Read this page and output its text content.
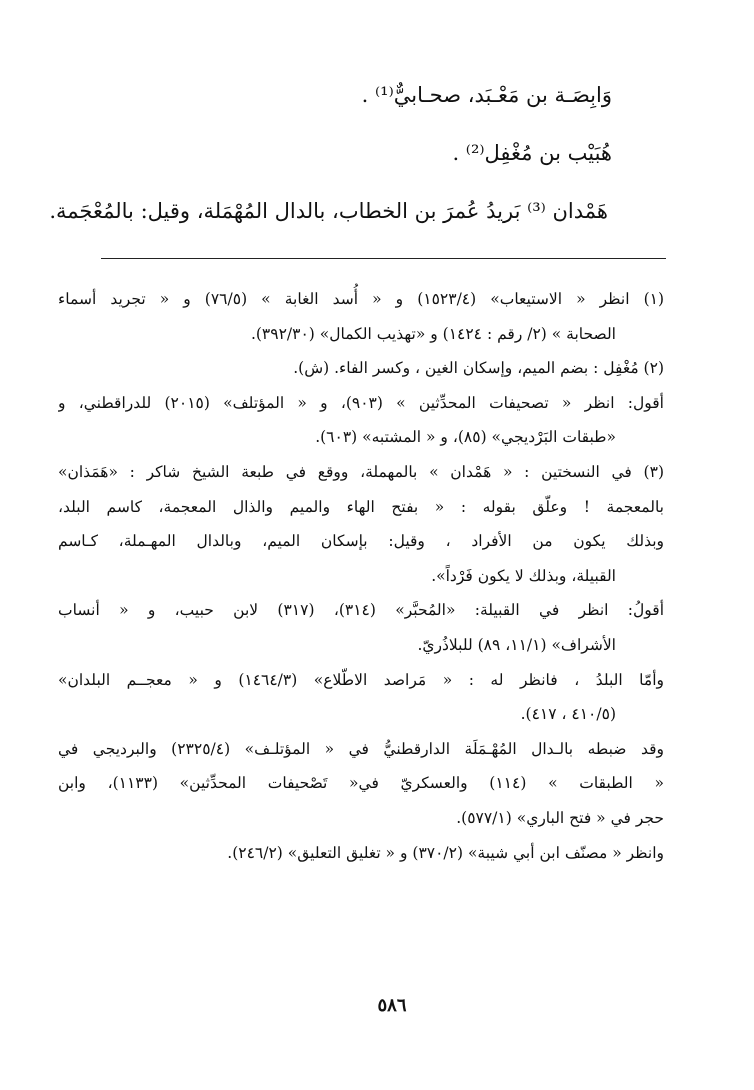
وَابِصَـة بن مَعْـبَد، صحـابيٌّ⁽¹⁾ .
هُبَيْب بن مُغْفِل⁽²⁾ .
هَمْدان ⁽³⁾ بَريدُ عُمرَ بن الخطاب، بالدال المُهْمَلة، وقيل: بالمُعْجَمة.
(١) انظر « الاستيعاب» (١٥٢٣/٤) و « أُسد الغابة » (٧٦/٥) و « تجريد أسماء
الصحابة » (٢/ رقم : ١٤٢٤) و «تهذيب الكمال» (٣٩٢/٣٠).
(٢) مُغْفِل : بضم الميم، وإسكان الغين ، وكسر الفاء. (ش).
أقول: انظر « تصحيفات المحدِّثين » (٩٠٣)، و « المؤتلف» (٢٠١٥) للدراقطني، و
«طبقات البَرْديجي» (٨٥)، و « المشتبه» (٦٠٣).
(٣) في النسختين : « هَمْدان » بالمهملة، ووقع في طبعة الشيخ شاكر : «هَمَذان»
بالمعجمة ! وعلّق بقوله : « بفتح الهاء والميم والذال المعجمة، كاسم البلد،
وبذلك يكون من الأفراد ، وقيل: بإسكان الميم، وبالدال المهـملة، كـاسم
القبيلة، وبذلك لا يكون فَرْداً».
أقولُ: انظر في القبيلة: «المُحبَّر» (٣١٤)، (٣١٧) لابن حبيب، و « أنساب
الأشراف» (١١/١، ٨٩) للبلاذُريّ.
وأمّا البلدُ ، فانظر له : « مَراصد الاطّلاع» (١٤٦٤/٣) و « معجــم البلدان»
(٤١٠/٥ ، ٤١٧).
وقد ضبطه بالـدال المُهْـمَلَة الدارقطنيُّ في « المؤتلـف» (٢٣٢٥/٤) والبرديجي في
« الطبقات » (١١٤) والعسكريّ في« تَصْحيفات المحدِّثين» (١١٣٣)، وابن
حجر في « فتح الباري» (٥٧٧/١).
وانظر « مصنّف ابن أبي شيبة» (٣٧٠/٢) و « تغليق التعليق» (٢٤٦/٢).
٥٨٦
